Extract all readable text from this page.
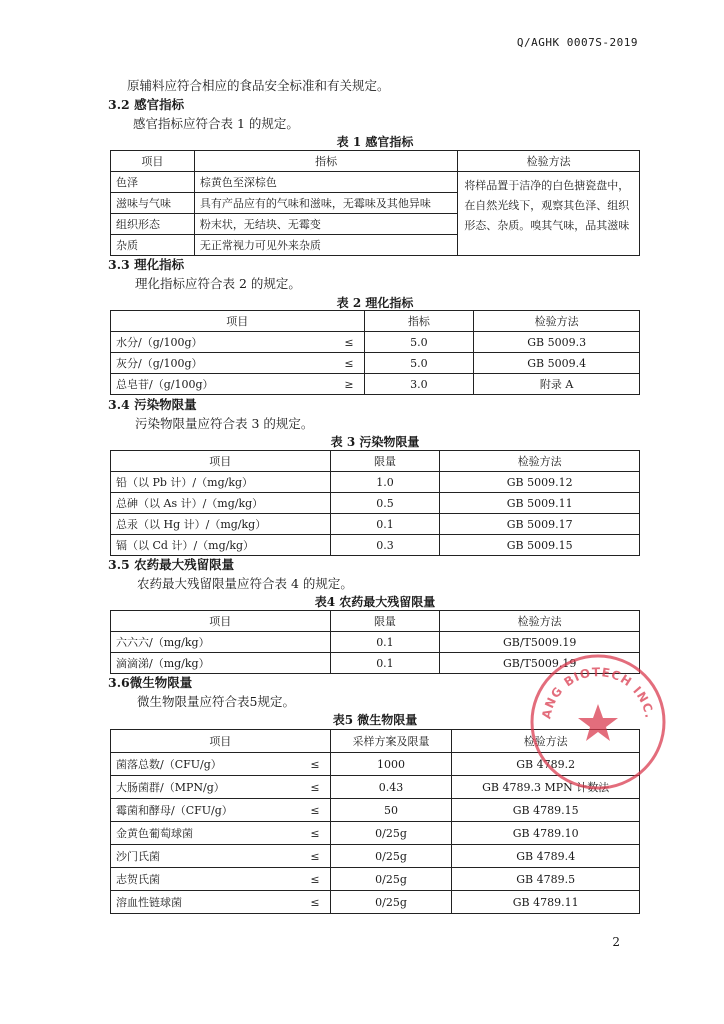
Q/AGHK 0007S-2019
原辅料应符合相应的食品安全标准和有关规定。
3.2 感官指标
感官指标应符合表 1 的规定。
表 1 感官指标
项目	指标	检验方法
色泽	棕黄色至深棕色	将样品置于洁净的白色搪瓷盘中，在自然光线下，观察其色泽、组织形态、杂质。嗅其气味，品其滋味
滋味与气味	具有产品应有的气味和滋味，无霉味及其他异味	
组织形态	粉末状，无结块、无霉变	
杂质	无正常视力可见外来杂质	
3.3 理化指标
理化指标应符合表 2 的规定。
表 2 理化指标
项目		指标	检验方法
水分/（g/100g）	≤	5.0	GB 5009.3
灰分/（g/100g）	≤	5.0	GB 5009.4
总皂苷/（g/100g）	≥	3.0	附录 A
3.4 污染物限量
污染物限量应符合表 3 的规定。
表 3 污染物限量
项目	限量	检验方法
铅（以 Pb 计）/（mg/kg）	1.0	GB 5009.12
总砷（以 As 计）/（mg/kg）	0.5	GB 5009.11
总汞（以 Hg 计）/（mg/kg）	0.1	GB 5009.17
镉（以 Cd 计）/（mg/kg）	0.3	GB 5009.15
3.5 农药最大残留限量
农药最大残留限量应符合表 4 的规定。
表4 农药最大残留限量
项目	限量	检验方法
六六六/（mg/kg）	0.1	GB/T5009.19
滴滴涕/（mg/kg）	0.1	GB/T5009.19
3.6微生物限量
微生物限量应符合表5规定。
表5 微生物限量
项目		采样方案及限量	检验方法
菌落总数/（CFU/g）	≤	1000	GB 4789.2
大肠菌群/（MPN/g）	≤	0.43	GB 4789.3 MPN 计数法
霉菌和酵母/（CFU/g）	≤	50	GB 4789.15
金黄色葡萄球菌	≤	0/25g	GB 4789.10
沙门氏菌	≤	0/25g	GB 4789.4
志贺氏菌	≤	0/25g	GB 4789.5
溶血性链球菌	≤	0/25g	GB 4789.11
ANG BIOTECH INC.
2
